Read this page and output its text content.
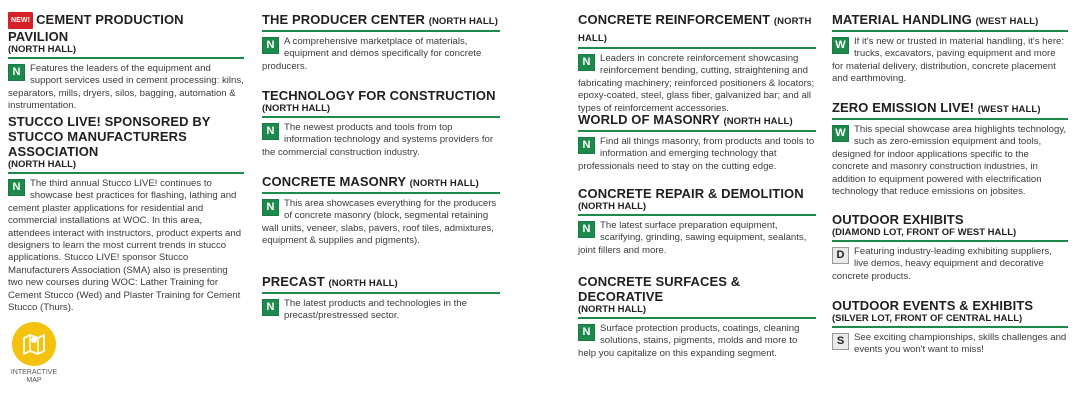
NEW! CEMENT PRODUCTION PAVILION
(NORTH HALL)
N Features the leaders of the equipment and support services used in cement processing: kilns, separators, mills, dryers, silos, bagging, automation & instrumentation.
STUCCO LIVE! SPONSORED BY STUCCO MANUFACTURERS ASSOCIATION
(NORTH HALL)
N The third annual Stucco LIVE! continues to showcase best practices for flashing, lathing and cement plaster applications for residential and commercial installations at WOC. In this area, attendees interact with instructors, product experts and designers to learn the most current trends in stucco applications. Stucco LIVE! sponsor Stucco Manufacturers Association (SMA) also is presenting two new courses during WOC: Lather Training for Cement Stucco (Wed) and Plaster Training for Cement Stucco (Thurs).
INTERACTIVE
MAP
THE PRODUCER CENTER (NORTH HALL)
N A comprehensive marketplace of materials, equipment and demos specifically for concrete producers.
TECHNOLOGY FOR CONSTRUCTION
(NORTH HALL)
N The newest products and tools from top information technology and systems providers for the commercial construction industry.
CONCRETE MASONRY (NORTH HALL)
N This area showcases everything for the producers of concrete masonry (block, segmental retaining wall units, veneer, slabs, pavers, roof tiles, admixtures, equipment & supplies and pigments).
PRECAST (NORTH HALL)
N The latest products and technologies in the precast/prestressed sector.
CONCRETE REINFORCEMENT (NORTH HALL)
N Leaders in concrete reinforcement showcasing reinforcement bending, cutting, straightening and fabricating machinery; reinforced positioners & locators; epoxy-coated, steel, glass fiber, galvanized bar; and all types of reinforcement accessories.
WORLD OF MASONRY (NORTH HALL)
N Find all things masonry, from products and tools to information and emerging technology that professionals need to stay on the cutting edge.
CONCRETE REPAIR & DEMOLITION
(NORTH HALL)
N The latest surface preparation equipment, scarifying, grinding, sawing equipment, sealants, joint fillers and more.
CONCRETE SURFACES & DECORATIVE
(NORTH HALL)
N Surface protection products, coatings, cleaning solutions, stains, pigments, molds and more to help you capitalize on this expanding segment.
MATERIAL HANDLING (WEST HALL)
W If it's new or trusted in material handling, it's here: trucks, excavators, paving equipment and more for material delivery, distribution, concrete placement and earthmoving.
ZERO EMISSION LIVE! (WEST HALL)
W This special showcase area highlights technology, such as zero-emission equipment and tools, designed for indoor applications specific to the concrete and masonry construction industries, in addition to equipment powered with electrification technology that reduce emissions on jobsites.
OUTDOOR EXHIBITS
(DIAMOND LOT, FRONT OF WEST HALL)
D Featuring industry-leading exhibiting suppliers, live demos, heavy equipment and decorative concrete products.
OUTDOOR EVENTS & EXHIBITS
(SILVER LOT, FRONT OF CENTRAL HALL)
S	See exciting championships, skills challenges and events you won't want to miss!
